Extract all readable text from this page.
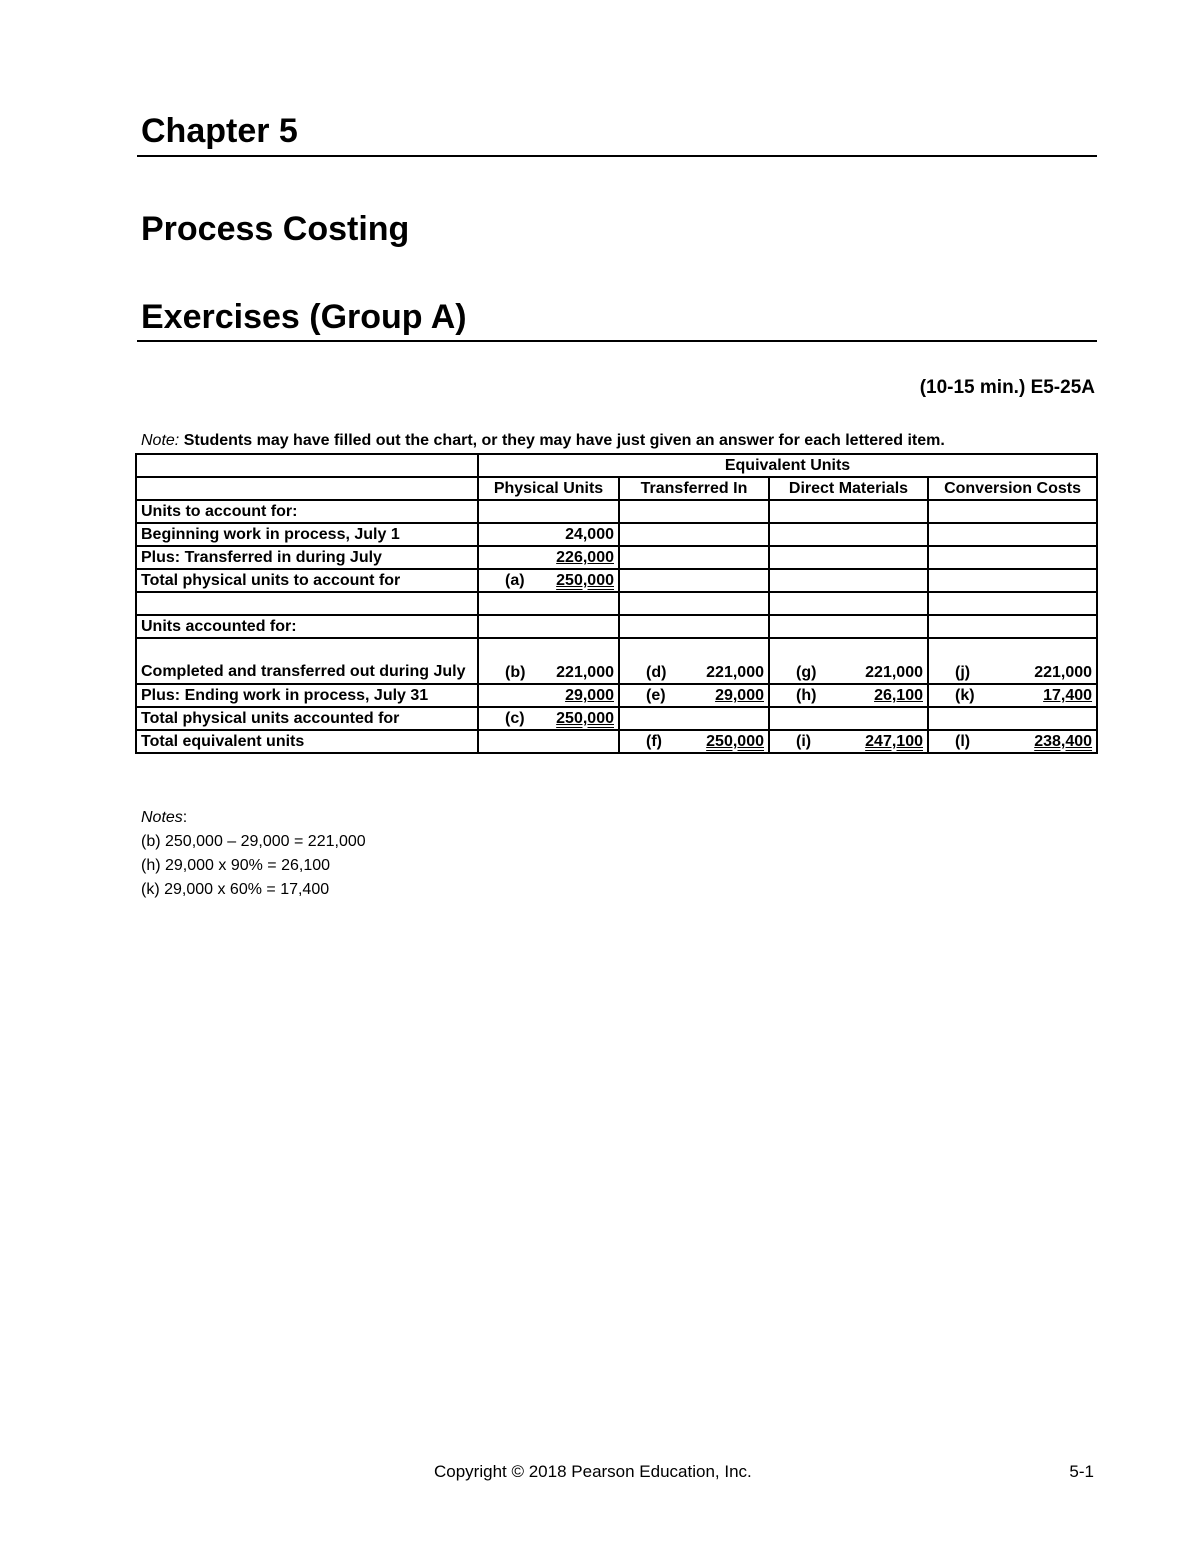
Chapter 5
Process Costing
Exercises (Group A)
(10-15 min.) E5-25A
Note: Students may have filled out the chart, or they may have just given an answer for each lettered item.
	Equivalent Units			
	Physical Units	Transferred In	Direct Materials	Conversion Costs
Units to account for:				
Beginning work in process, July 1	24,000			
Plus: Transferred in during July	226,000			
Total physical units to account for	(a) 250,000			

Units accounted for:				
Completed and transferred out during July	(b) 221,000	(d) 221,000	(g) 221,000	(j) 221,000

Plus: Ending work in process, July 31	29,000	(e) 29,000	(h) 26,100	(k) 17,400

Total physical units accounted for	(c) 250,000			

Total equivalent units		(f) 250,000	(i) 247,100	(l) 238,400
Notes:
(b) 250,000 – 29,000 = 221,000
(h) 29,000 x 90% = 26,100
(k) 29,000 x 60% = 17,400
Copyright © 2018 Pearson Education, Inc.	5-1
